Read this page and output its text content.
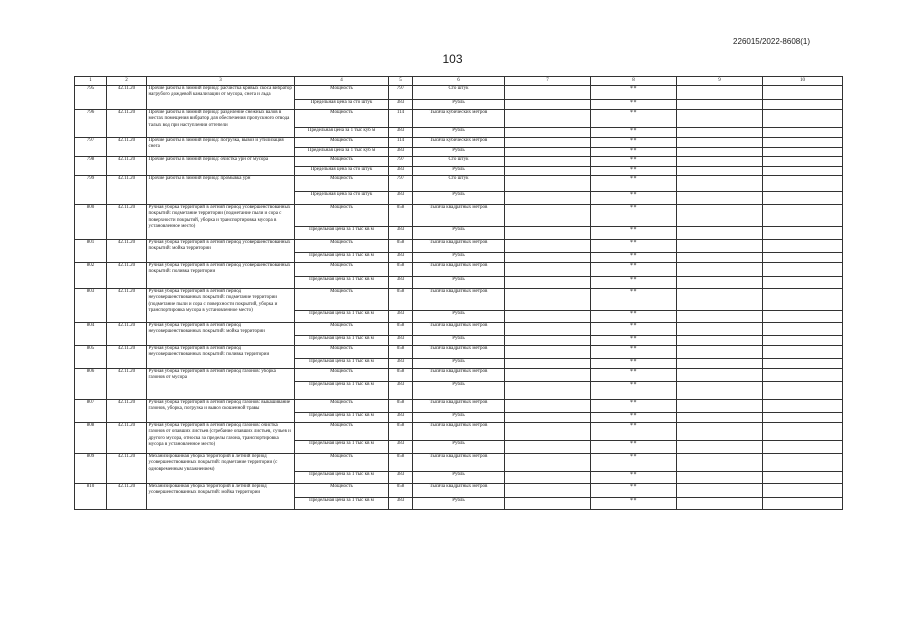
226015/2022-8608(1)
103
1	2	3	4	5	6	7	8	9	10
795	42.11.20	Прочие работы в зимний период: расчистка кривых скоса вибратор нагрубого дождевой канализации от мусора, снега и льда	Мощность	797	Сто штук		**		
			Предельная цена за сто штук	383	Рубль		**		
796	42.11.20	Прочие работы в зимний период: разделение снежных валов в местах помещения вибратор для обеспечения пропускного отвода талых вод при наступлении оттепели	Мощность	114	Тысяча кубических метров		**		
			Предельная цена за 1 тыс куб м	383	Рубль		**		
797	42.11.20	Прочие работы в зимний период: погрузка, вывоз и утилизация снега	Мощность	114	Тысяча кубических метров		**		
			Предельная цена за 1 тыс куб м	383	Рубль		**		
798	42.11.20	Прочие работы в зимний период: очистка урн от мусора	Мощность	797	Сто штук		**		
			Предельная цена за сто штук	383	Рубль		**		
799	42.11.20	Прочие работы в зимний период: промывка урн	Мощность	797	Сто штук		**		
			Предельная цена за сто штук	383	Рубль		**		
800	42.11.20	Ручная уборка территорий в летний период усовершенствованных покрытий: подметание территории (подметание пыли и сора с поверхности покрытий, уборка и транспортировка мусора в установленное место)	Мощность	058	Тысяча квадратных метров		**		
			Предельная цена за 1 тыс кв м	383	Рубль		**		
801	42.11.20	Ручная уборка территорий в летний период усовершенствованных покрытий: мойка территории	Мощность	058	Тысяча квадратных метров		**		
			Предельная цена за 1 тыс кв м	383	Рубль		**		
802	42.11.20	Ручная уборка территорий в летний период усовершенствованных покрытий: поливка территории	Мощность	058	Тысяча квадратных метров		**		
			Предельная цена за 1 тыс кв м	383	Рубль		**		
803	42.11.20	Ручная уборка территорий в летний период неусовершенствованных покрытий: подметание территории (подметание пыли и сора с поверхности покрытий, уборка и транспортировка мусора в установленное место)	Мощность	058	Тысяча квадратных метров		**		
			Предельная цена за 1 тыс кв м	383	Рубль		**		
804	42.11.20	Ручная уборка территорий в летний период неусовершенствованных покрытий: мойка территории	Мощность	058	Тысяча квадратных метров		**		
			Предельная цена за 1 тыс кв м	383	Рубль		**		
805	42.11.20	Ручная уборка территорий в летний период неусовершенствованных покрытий: поливка территории	Мощность	058	Тысяча квадратных метров		**		
			Предельная цена за 1 тыс кв м	383	Рубль		**		
806	42.11.20	Ручная уборка территорий в летний период газонов: уборка газонов от мусора	Мощность	058	Тысяча квадратных метров		**		
			Предельная цена за 1 тыс кв м	383	Рубль		**		
807	42.11.20	Ручная уборка территорий в летний период газонов: выкашивание газонов, уборка, погрузка и вывоз скошенной травы	Мощность	058	Тысяча квадратных метров		**		
			Предельная цена за 1 тыс кв м	383	Рубль		**		
808	42.11.20	Ручная уборка территорий в летний период газонов: очистка газонов от опавших листьев (сгребание опавших листьев, сучьев и другого мусора, относка за пределы газона, транспортировка мусора в установленное место)	Мощность	058	Тысяча квадратных метров		**		
			Предельная цена за 1 тыс кв м	383	Рубль		**		
809	42.11.20	Механизированная уборка территорий в летний период усовершенствованных покрытий: подметание территории (с одновременным увлажнением)	Мощность	058	Тысяча квадратных метров		**		
			Предельная цена за 1 тыс кв м	383	Рубль		**		
810	42.11.20	Механизированная уборка территорий в летний период усовершенствованных покрытий: мойка территории	Мощность	058	Тысяча квадратных метров		**		
			Предельная цена за 1 тыс кв м	383	Рубль		**		
